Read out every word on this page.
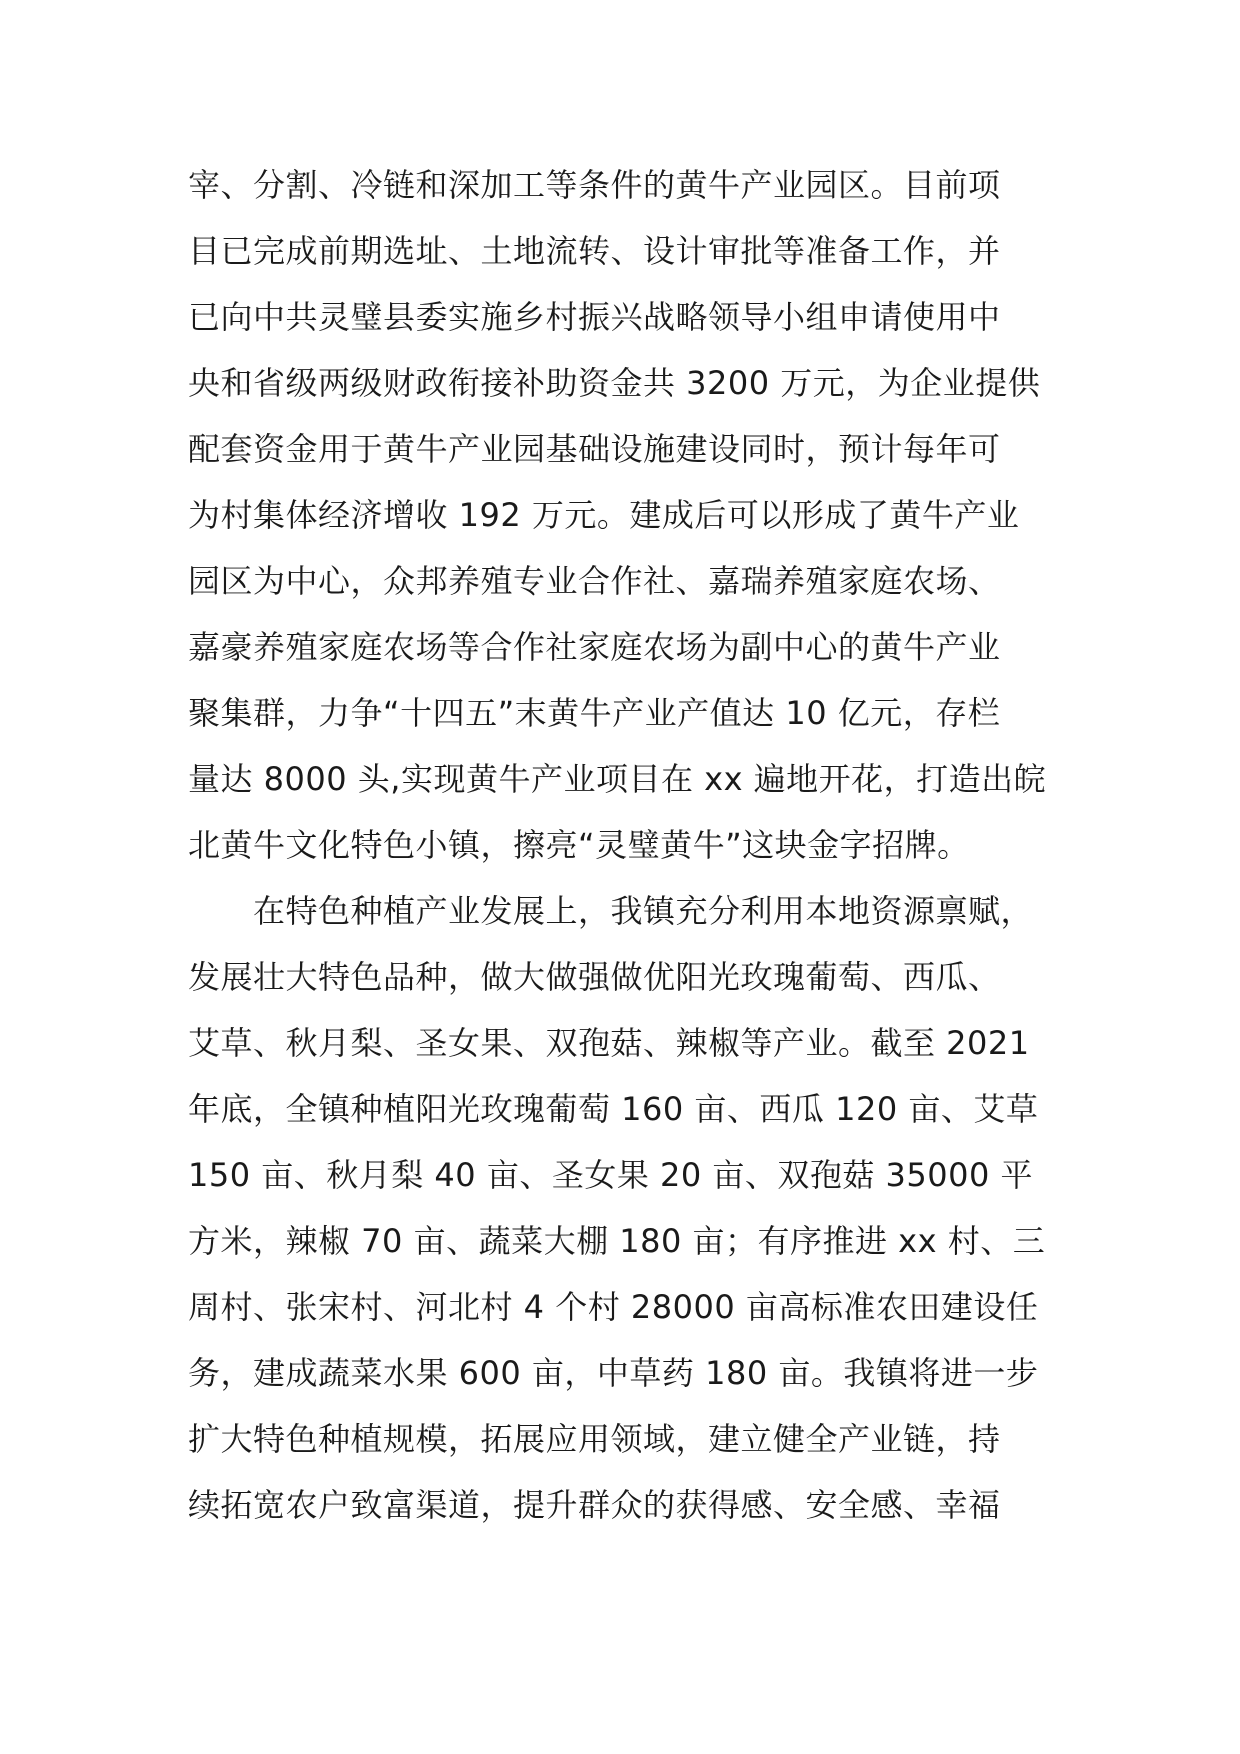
宰、分割、冷链和深加工等条件的黄牛产业园区。目前项
目已完成前期选址、土地流转、设计审批等准备工作，并
已向中共灵璧县委实施乡村振兴战略领导小组申请使用中
央和省级两级财政衔接补助资金共 3200 万元，为企业提供
配套资金用于黄牛产业园基础设施建设同时，预计每年可
为村集体经济增收 192 万元。建成后可以形成了黄牛产业
园区为中心，众邦养殖专业合作社、嘉瑞养殖家庭农场、
嘉豪养殖家庭农场等合作社家庭农场为副中心的黄牛产业
聚集群，力争“十四五”末黄牛产业产值达 10 亿元，存栏
量达 8000 头,实现黄牛产业项目在 xx 遍地开花，打造出皖
北黄牛文化特色小镇，擦亮“灵璧黄牛”这块金字招牌。
在特色种植产业发展上，我镇充分利用本地资源禀赋，
发展壮大特色品种，做大做强做优阳光玫瑰葡萄、西瓜、
艾草、秋月梨、圣女果、双孢菇、辣椒等产业。截至 2021
年底，全镇种植阳光玫瑰葡萄 160 亩、西瓜 120 亩、艾草
150 亩、秋月梨 40 亩、圣女果 20 亩、双孢菇 35000 平
方米，辣椒 70 亩、蔬菜大棚 180 亩；有序推进 xx 村、三
周村、张宋村、河北村 4 个村 28000 亩高标准农田建设任
务，建成蔬菜水果 600 亩，中草药 180 亩。我镇将进一步
扩大特色种植规模，拓展应用领域，建立健全产业链，持
续拓宽农户致富渠道，提升群众的获得感、安全感、幸福
